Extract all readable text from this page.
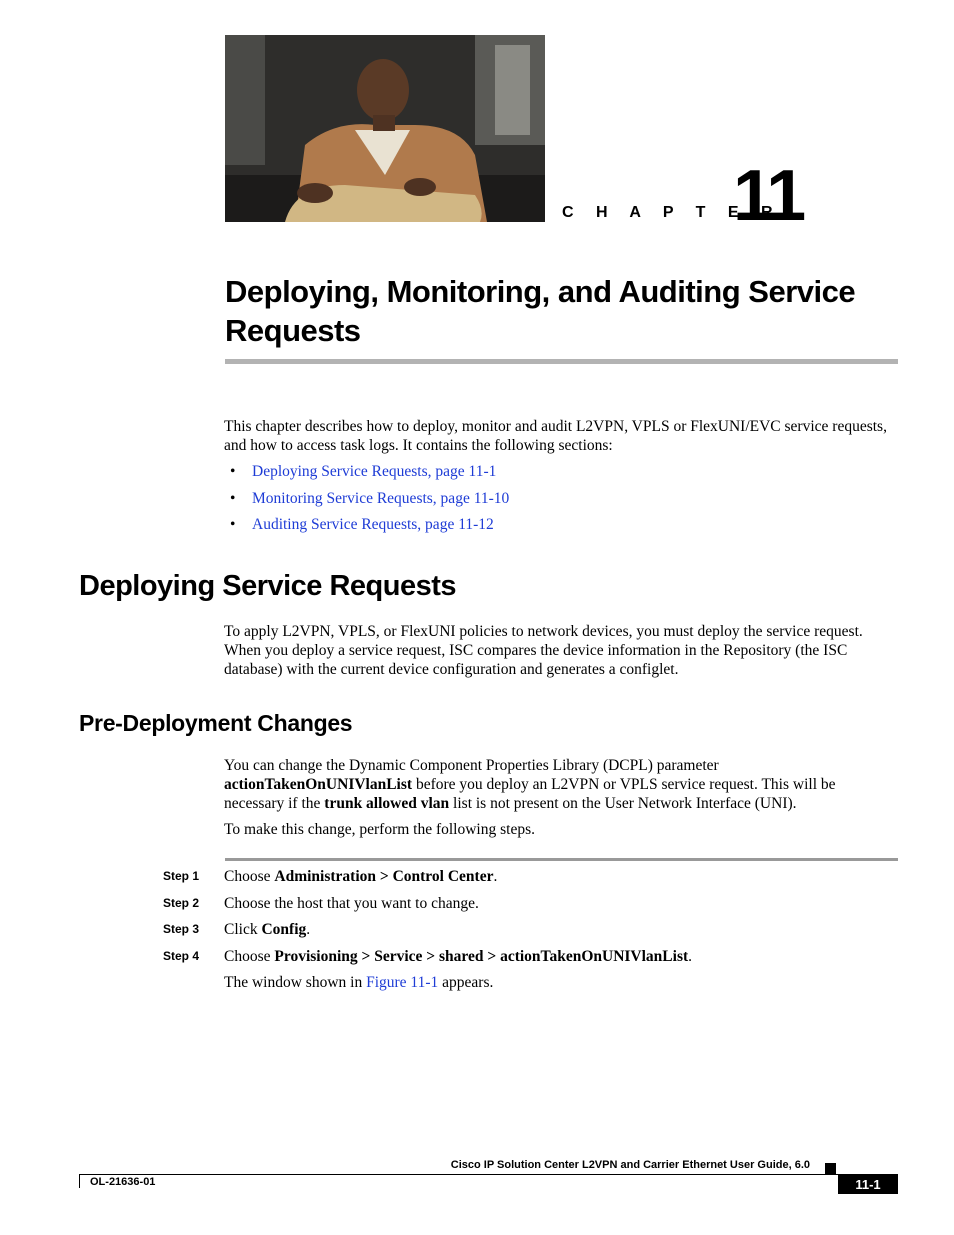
C H A P T E R
11
Deploying, Monitoring, and Auditing Service
Requests

This chapter describes how to deploy, monitor and audit L2VPN, VPLS or FlexUNI/EVC service requests, and how to access task logs. It contains the following sections:

• Deploying Service Requests, page 11-1
• Monitoring Service Requests, page 11-10
• Auditing Service Requests, page 11-12
Deploying Service Requests

To apply L2VPN, VPLS, or FlexUNI policies to network devices, you must deploy the service request. When you deploy a service request, ISC compares the device information in the Repository (the ISC database) with the current device configuration and generates a configlet.

Pre-Deployment Changes

You can change the Dynamic Component Properties Library (DCPL) parameter actionTakenOnUNIVlanList before you deploy an L2VPN or VPLS service request. This will be necessary if the trunk allowed vlan list is not present on the User Network Interface (UNI).

To make this change, perform the following steps.

Step 1 Choose Administration > Control Center.

Step 2 Choose the host that you want to change.

Step 3 Click Config.

Step 4 Choose Provisioning > Service > shared > actionTakenOnUNIVlanList.

The window shown in Figure 11-1 appears.

Cisco IP Solution Center L2VPN and Carrier Ethernet User Guide, 6.0
OL-21636-01	11-1
